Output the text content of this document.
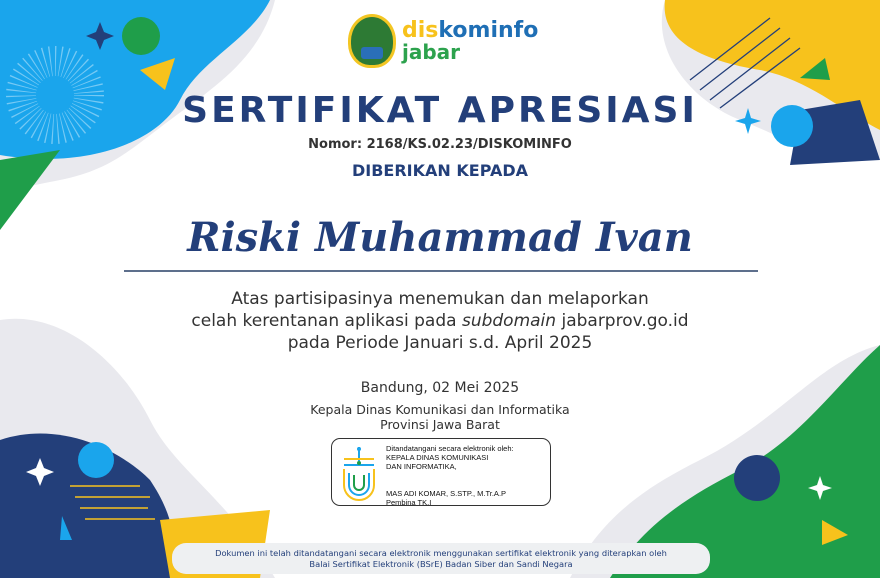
diskominfo
jabar
SERTIFIKAT APRESIASI
Nomor: 2168/KS.02.23/DISKOMINFO
DIBERIKAN KEPADA
Riski Muhammad Ivan
Atas partisipasinya menemukan dan melaporkan
celah kerentanan aplikasi pada subdomain jabarprov.go.id
pada Periode Januari s.d. April 2025
Bandung, 02 Mei 2025
Kepala Dinas Komunikasi dan Informatika
Provinsi Jawa Barat
Ditandatangani secara elektronik oleh:
KEPALA DINAS KOMUNIKASI
DAN INFORMATIKA,
MAS ADI KOMAR, S.STP., M.Tr.A.P
Pembina TK.I
Dokumen ini telah ditandatangani secara elektronik menggunakan sertifikat elektronik yang diterapkan oleh
Balai Sertifikat Elektronik (BSrE) Badan Siber dan Sandi Negara
